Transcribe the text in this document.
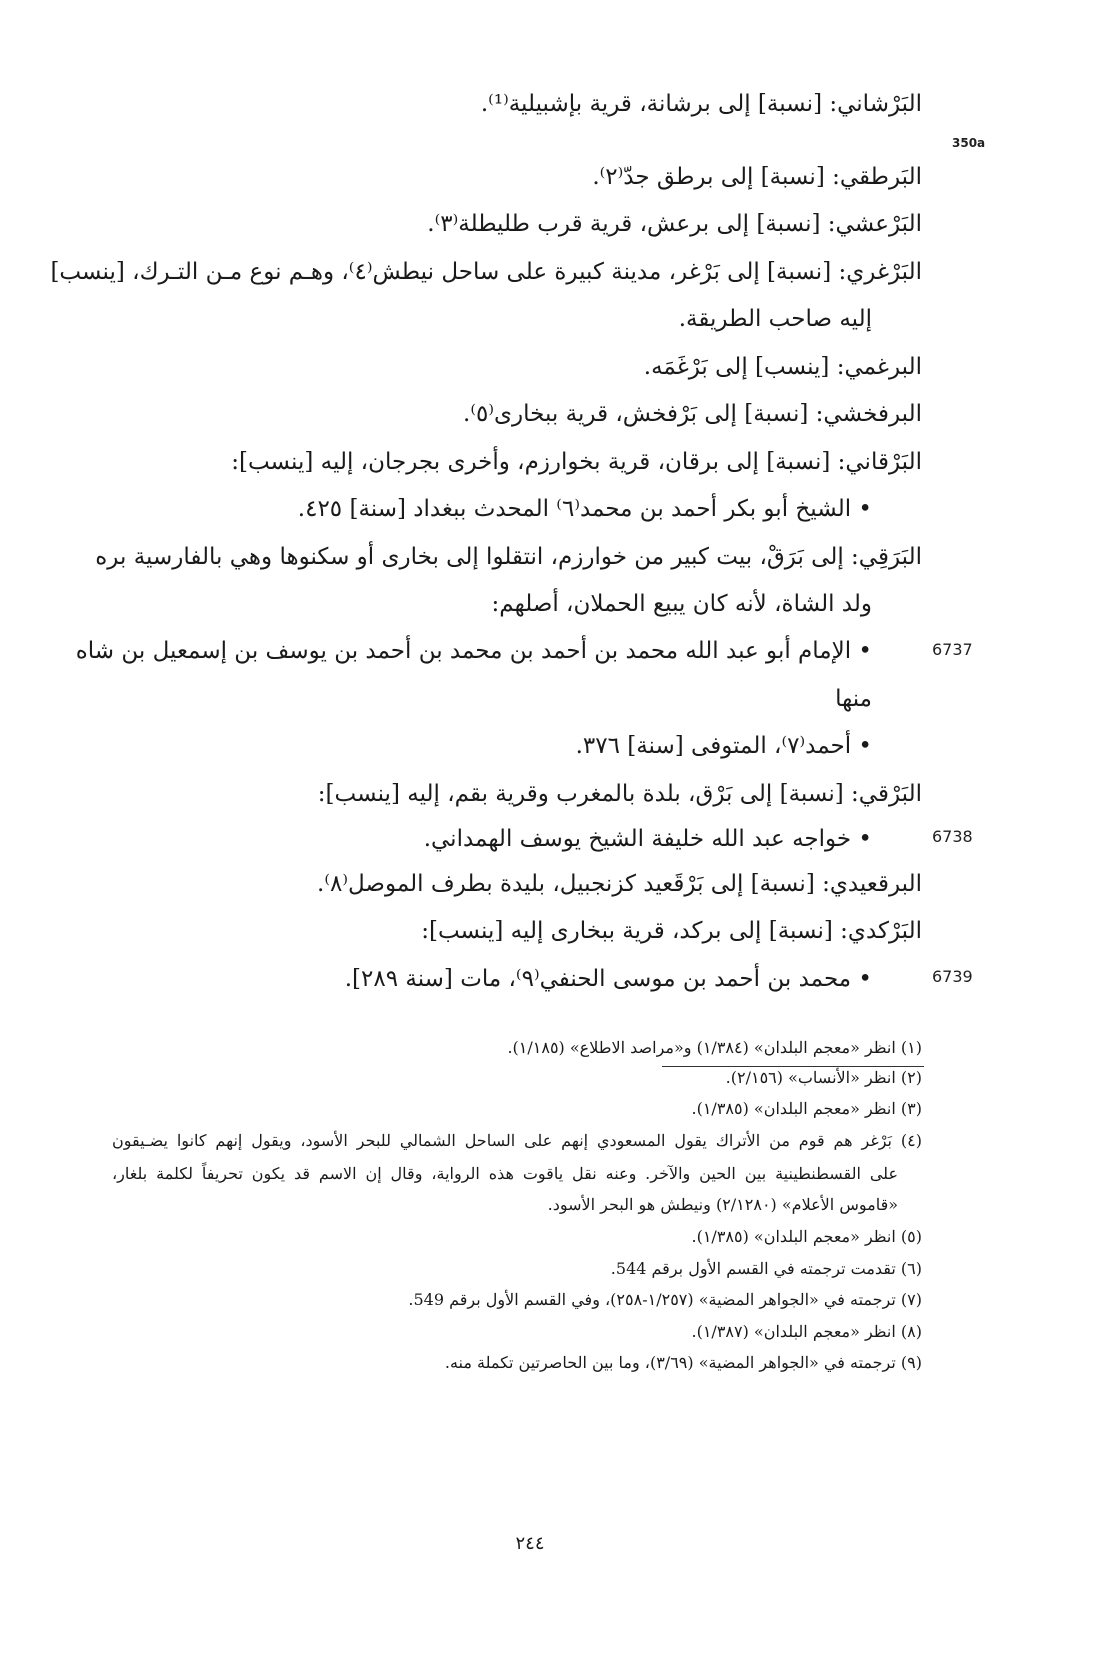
350a
البَرْشاني: [نسبة] إلى برشانة، قرية بإشبيلية⁽¹⁾.
البَرطقي: [نسبة] إلى برطق جدّ⁽٢⁾.
البَرْعشي: [نسبة] إلى برعش، قرية قرب طليطلة⁽٣⁾.
البَرْغري: [نسبة] إلى بَرْغر، مدينة كبيرة على ساحل نيطش⁽٤⁾، وهـم نوع مـن التـرك، [ينسب]
إليه صاحب الطريقة.
البرغمي: [ينسب] إلى بَرْغَمَه.
البرفخشي: [نسبة] إلى بَرْفخش، قرية ببخارى⁽٥⁾.
البَرْقاني: [نسبة] إلى برقان، قرية بخوارزم، وأخرى بجرجان، إليه [ينسب]:
• الشيخ أبو بكر أحمد بن محمد⁽٦⁾ المحدث ببغداد [سنة] ٤٢٥.
البَرَقِي: إلى بَرَقْ، بيت كبير من خوارزم، انتقلوا إلى بخارى أو سكنوها وهي بالفارسية بره
ولد الشاة، لأنه كان يبيع الحملان، أصلهم:
6737
• الإمام أبو عبد الله محمد بن أحمد بن محمد بن أحمد بن يوسف بن إسمعيل بن شاه
منها
• أحمد⁽٧⁾، المتوفى [سنة] ٣٧٦.
البَرْقي: [نسبة] إلى بَرْق، بلدة بالمغرب وقرية بقم، إليه [ينسب]:
6738
• خواجه عبد الله خليفة الشيخ يوسف الهمداني.
البرقعيدي: [نسبة] إلى بَرْقَعيد كزنجبيل، بليدة بطرف الموصل⁽٨⁾.
البَرْكدي: [نسبة] إلى بركد، قرية ببخارى إليه [ينسب]:
6739
• محمد بن أحمد بن موسى الحنفي⁽٩⁾، مات [سنة ٢٨٩].
(١) انظر «معجم البلدان» (١/٣٨٤) و«مراصد الاطلاع» (١/١٨٥).
(٢) انظر «الأنساب» (٢/١٥٦).
(٣) انظر «معجم البلدان» (١/٣٨٥).
(٤) بَرْغر هم قوم من الأتراك يقول المسعودي إنهم على الساحل الشمالي للبحر الأسود، ويقول إنهم كانوا يضـيقون
على القسطنطينية بين الحين والآخر. وعنه نقل ياقوت هذه الرواية، وقال إن الاسم قد يكون تحريفاً لكلمة بلغار،
«قاموس الأعلام» (٢/١٢٨٠) ونيطش هو البحر الأسود.
(٥) انظر «معجم البلدان» (١/٣٨٥).
(٦) تقدمت ترجمته في القسم الأول برقم 544.
(٧) ترجمته في «الجواهر المضية» (١/٢٥٧-٢٥٨)، وفي القسم الأول برقم 549.
(٨) انظر «معجم البلدان» (١/٣٨٧).
(٩) ترجمته في «الجواهر المضية» (٣/٦٩)، وما بين الحاصرتين تكملة منه.
٢٤٤
